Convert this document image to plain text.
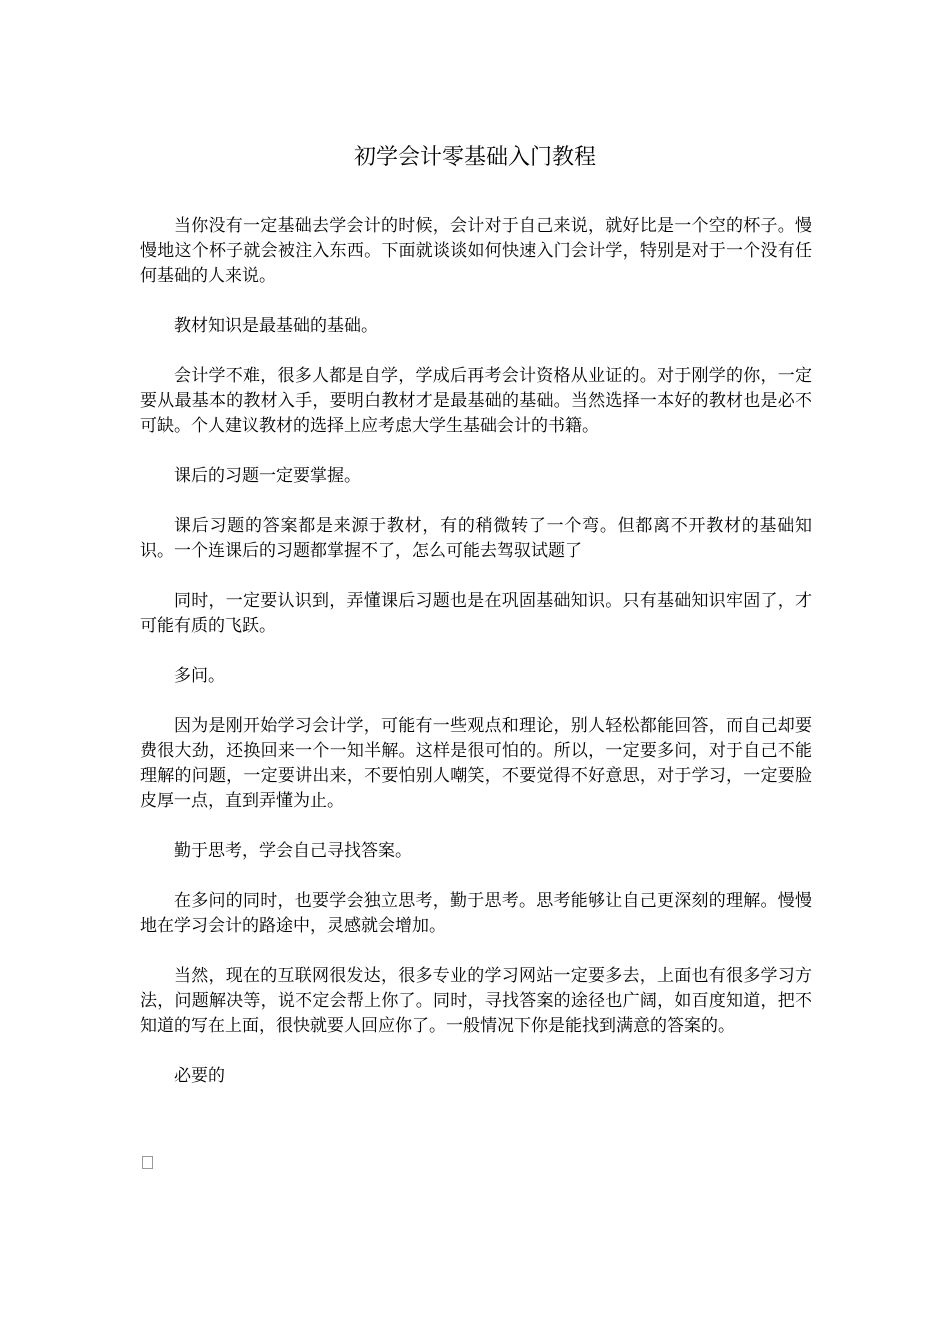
初学会计零基础入门教程

当你没有一定基础去学会计的时候，会计对于自己来说，就好比是一个空的杯子。慢慢地这个杯子就会被注入东西。下面就谈谈如何快速入门会计学，特别是对于一个没有任何基础的人来说。

教材知识是最基础的基础。

会计学不难，很多人都是自学，学成后再考会计资格从业证的。对于刚学的你，一定要从最基本的教材入手，要明白教材才是最基础的基础。当然选择一本好的教材也是必不可缺。个人建议教材的选择上应考虑大学生基础会计的书籍。

课后的习题一定要掌握。

课后习题的答案都是来源于教材，有的稍微转了一个弯。但都离不开教材的基础知识。一个连课后的习题都掌握不了，怎么可能去驾驭试题了

同时，一定要认识到，弄懂课后习题也是在巩固基础知识。只有基础知识牢固了，才可能有质的飞跃。

多问。

因为是刚开始学习会计学，可能有一些观点和理论，别人轻松都能回答，而自己却要费很大劲，还换回来一个一知半解。这样是很可怕的。所以，一定要多问，对于自己不能理解的问题，一定要讲出来，不要怕别人嘲笑，不要觉得不好意思，对于学习，一定要脸皮厚一点，直到弄懂为止。

勤于思考，学会自己寻找答案。

在多问的同时，也要学会独立思考，勤于思考。思考能够让自己更深刻的理解。慢慢地在学习会计的路途中，灵感就会增加。

当然，现在的互联网很发达，很多专业的学习网站一定要多去，上面也有很多学习方法，问题解决等，说不定会帮上你了。同时，寻找答案的途径也广阔，如百度知道，把不知道的写在上面，很快就要人回应你了。一般情况下你是能找到满意的答案的。

必要的
